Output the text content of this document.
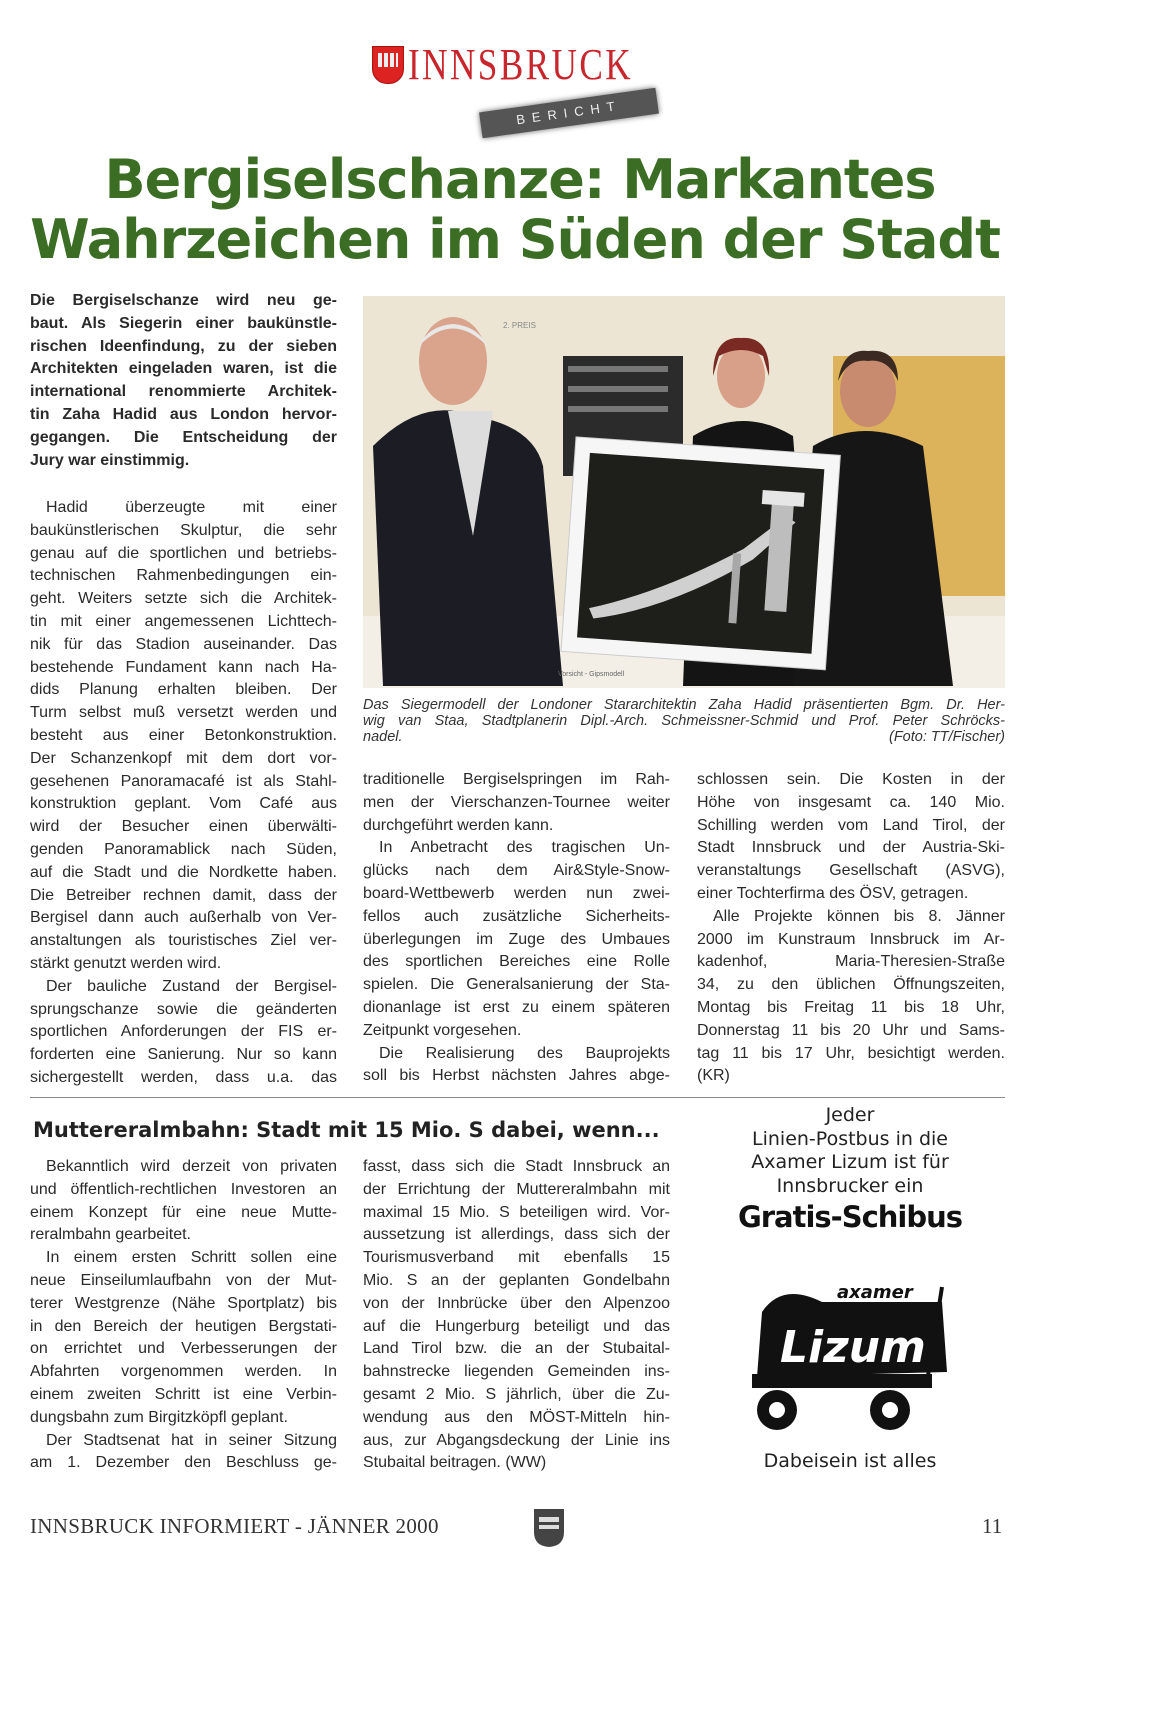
INNSBRUCK
BERICHT
Bergiselschanze: Markantes
Wahrzeichen im Süden der Stadt
Die Bergiselschanze wird neu ge-
baut. Als Siegerin einer baukünstle-
rischen Ideenfindung, zu der sieben
Architekten eingeladen waren, ist die
international renommierte Architek-
tin Zaha Hadid aus London hervor-
gegangen. Die Entscheidung der
Jury war einstimmig.
Hadid überzeugte mit einer
baukünstlerischen Skulptur, die sehr
genau auf die sportlichen und betriebs-
technischen Rahmenbedingungen ein-
geht. Weiters setzte sich die Architek-
tin mit einer angemessenen Lichttech-
nik für das Stadion auseinander. Das
bestehende Fundament kann nach Ha-
dids Planung erhalten bleiben. Der
Turm selbst muß versetzt werden und
besteht aus einer Betonkonstruktion.
Der Schanzenkopf mit dem dort vor-
gesehenen Panoramacafé ist als Stahl-
konstruktion geplant. Vom Café aus
wird der Besucher einen überwälti-
genden Panoramablick nach Süden,
auf die Stadt und die Nordkette haben.
Die Betreiber rechnen damit, dass der
Bergisel dann auch außerhalb von Ver-
anstaltungen als touristisches Ziel ver-
stärkt genutzt werden wird.
Der bauliche Zustand der Bergisel-
sprungschanze sowie die geänderten
sportlichen Anforderungen der FIS er-
forderten eine Sanierung. Nur so kann
sichergestellt werden, dass u.a. das
traditionelle Bergiselspringen im Rah-
men der Vierschanzen-Tournee weiter
durchgeführt werden kann.
In Anbetracht des tragischen Un-
glücks nach dem Air&Style-Snow-
board-Wettbewerb werden nun zwei-
fellos auch zusätzliche Sicherheits-
überlegungen im Zuge des Umbaues
des sportlichen Bereiches eine Rolle
spielen. Die Generalsanierung der Sta-
dionanlage ist erst zu einem späteren
Zeitpunkt vorgesehen.
Die Realisierung des Bauprojekts
soll bis Herbst nächsten Jahres abge-
schlossen sein. Die Kosten in der
Höhe von insgesamt ca. 140 Mio.
Schilling werden vom Land Tirol, der
Stadt Innsbruck und der Austria-Ski-
veranstaltungs Gesellschaft (ASVG),
einer Tochterfirma des ÖSV, getragen.
Alle Projekte können bis 8. Jänner
2000 im Kunstraum Innsbruck im Ar-
kadenhof, Maria-Theresien-Straße
34, zu den üblichen Öffnungszeiten,
Montag bis Freitag 11 bis 18 Uhr,
Donnerstag 11 bis 20 Uhr und Sams-
tag 11 bis 17 Uhr, besichtigt werden.
(KR)
2. PREIS
Vorsicht - Gipsmodell
Das Siegermodell der Londoner Stararchitektin Zaha Hadid präsentierten Bgm. Dr. Her-
wig van Staa, Stadtplanerin Dipl.-Arch. Schmeissner-Schmid und Prof. Peter Schröcks-
nadel.	(Foto: TT/Fischer)
Muttereralmbahn: Stadt mit 15 Mio. S dabei, wenn...
Bekanntlich wird derzeit von privaten
und öffentlich-rechtlichen Investoren an
einem Konzept für eine neue Mutte-
reralmbahn gearbeitet.
In einem ersten Schritt sollen eine
neue Einseilumlaufbahn von der Mut-
terer Westgrenze (Nähe Sportplatz) bis
in den Bereich der heutigen Bergstati-
on errichtet und Verbesserungen der
Abfahrten vorgenommen werden. In
einem zweiten Schritt ist eine Verbin-
dungsbahn zum Birgitzköpfl geplant.
Der Stadtsenat hat in seiner Sitzung
am 1. Dezember den Beschluss ge-
fasst, dass sich die Stadt Innsbruck an
der Errichtung der Muttereralmbahn mit
maximal 15 Mio. S beteiligen wird. Vor-
aussetzung ist allerdings, dass sich der
Tourismusverband mit ebenfalls 15
Mio. S an der geplanten Gondelbahn
von der Innbrücke über den Alpenzoo
auf die Hungerburg beteiligt und das
Land Tirol bzw. die an der Stubaital-
bahnstrecke liegenden Gemeinden ins-
gesamt 2 Mio. S jährlich, über die Zu-
wendung aus den MÖST-Mitteln hin-
aus, zur Abgangsdeckung der Linie ins
Stubaital beitragen. (WW)
Jeder
Linien-Postbus in die
Axamer Lizum ist für
Innsbrucker ein
Gratis-Schibus
axamer
Lizum
Dabeisein ist alles
INNSBRUCK INFORMIERT - JÄNNER 2000	11
